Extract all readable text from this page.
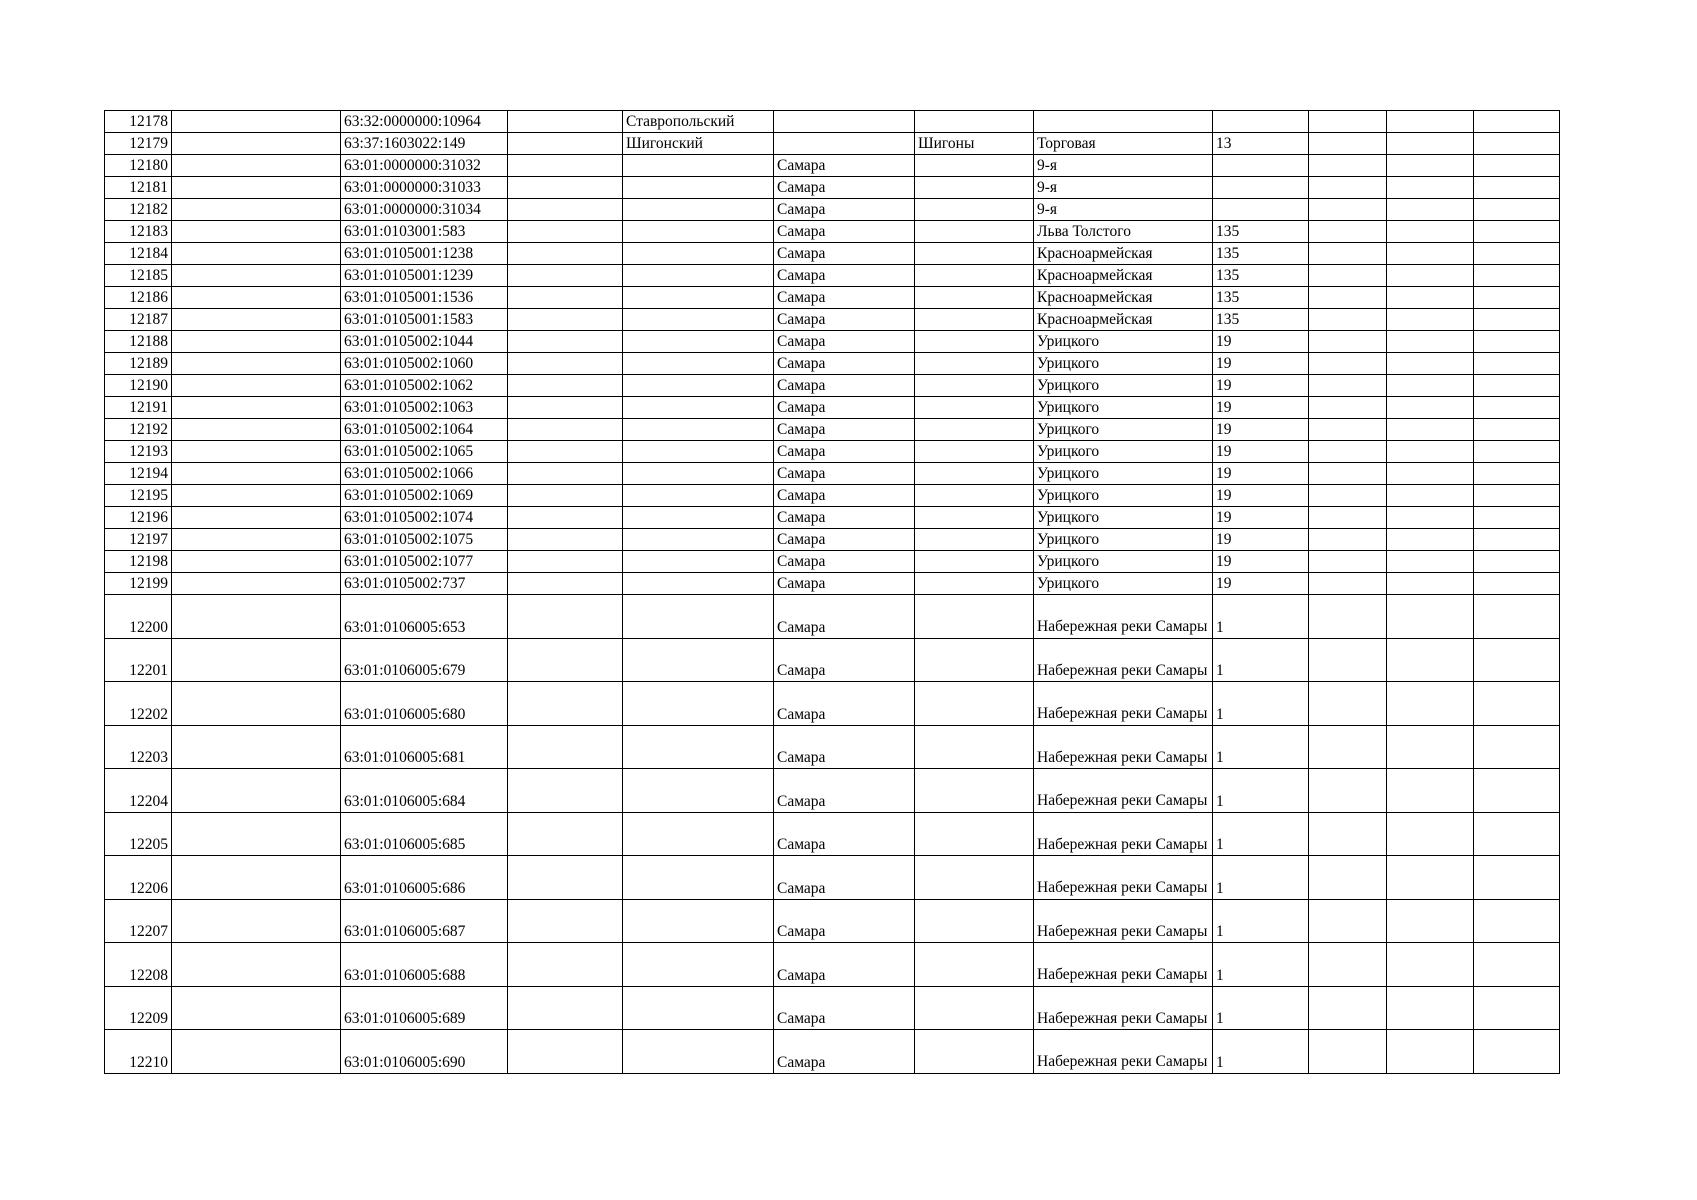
12178		63:32:0000000:10964		Ставропольский							
12179		63:37:1603022:149		Шигонский		Шигоны	Торговая	13			
12180		63:01:0000000:31032			Самара		9-я				
12181		63:01:0000000:31033			Самара		9-я				
12182		63:01:0000000:31034			Самара		9-я				
12183		63:01:0103001:583			Самара		Льва Толстого	135			
12184		63:01:0105001:1238			Самара		Красноармейская	135			
12185		63:01:0105001:1239			Самара		Красноармейская	135			
12186		63:01:0105001:1536			Самара		Красноармейская	135			
12187		63:01:0105001:1583			Самара		Красноармейская	135			
12188		63:01:0105002:1044			Самара		Урицкого	19			
12189		63:01:0105002:1060			Самара		Урицкого	19			
12190		63:01:0105002:1062			Самара		Урицкого	19			
12191		63:01:0105002:1063			Самара		Урицкого	19			
12192		63:01:0105002:1064			Самара		Урицкого	19			
12193		63:01:0105002:1065			Самара		Урицкого	19			
12194		63:01:0105002:1066			Самара		Урицкого	19			
12195		63:01:0105002:1069			Самара		Урицкого	19			
12196		63:01:0105002:1074			Самара		Урицкого	19			
12197		63:01:0105002:1075			Самара		Урицкого	19			
12198		63:01:0105002:1077			Самара		Урицкого	19			
12199		63:01:0105002:737			Самара		Урицкого	19			
12200		63:01:0106005:653			Самара		Набережная реки Самары	1			
12201		63:01:0106005:679			Самара		Набережная реки Самары	1			
12202		63:01:0106005:680			Самара		Набережная реки Самары	1			
12203		63:01:0106005:681			Самара		Набережная реки Самары	1			
12204		63:01:0106005:684			Самара		Набережная реки Самары	1			
12205		63:01:0106005:685			Самара		Набережная реки Самары	1			
12206		63:01:0106005:686			Самара		Набережная реки Самары	1			
12207		63:01:0106005:687			Самара		Набережная реки Самары	1			
12208		63:01:0106005:688			Самара		Набережная реки Самары	1			
12209		63:01:0106005:689			Самара		Набережная реки Самары	1			
12210		63:01:0106005:690			Самара		Набережная реки Самары	1			
